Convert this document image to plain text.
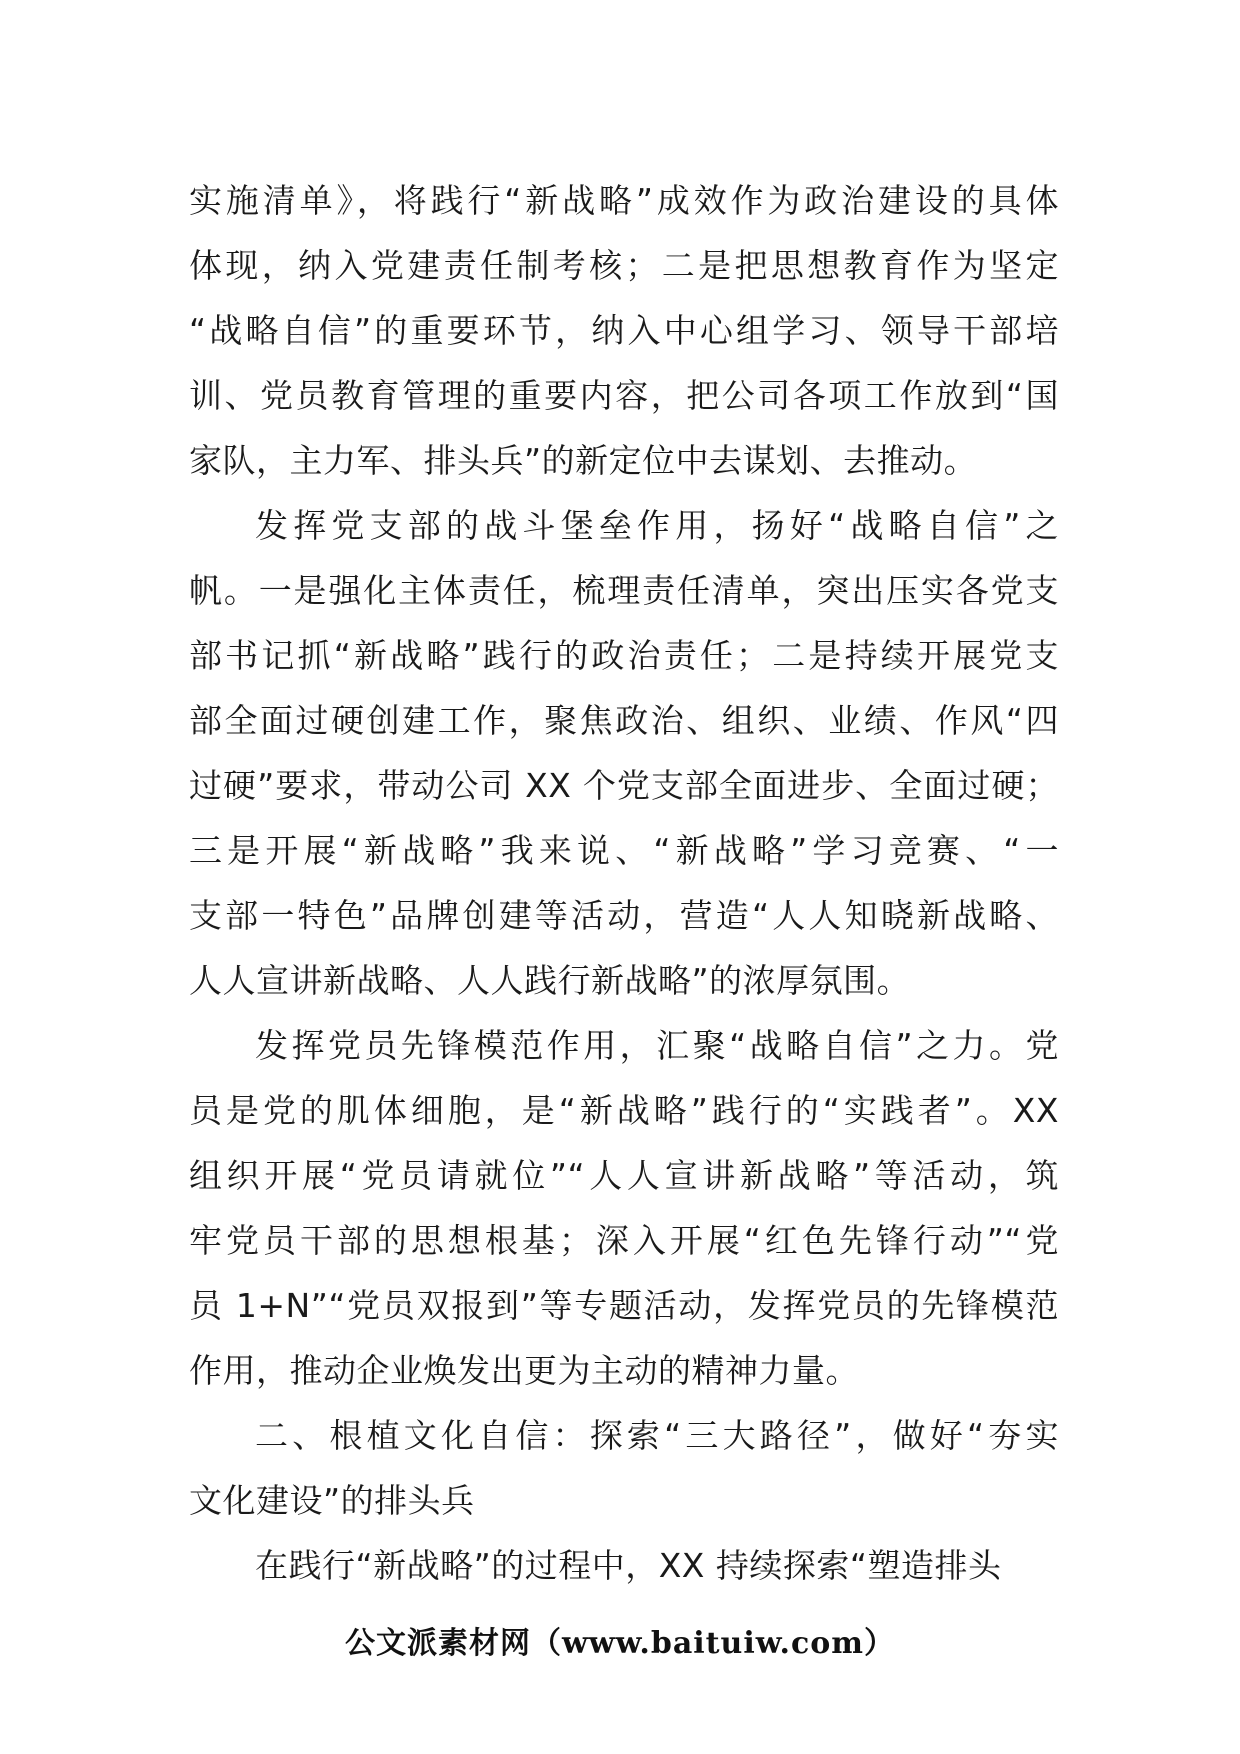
实施清单》，将践行“新战略”成效作为政治建设的具体
体现，纳入党建责任制考核；二是把思想教育作为坚定
“战略自信”的重要环节，纳入中心组学习、领导干部培
训、党员教育管理的重要内容，把公司各项工作放到“国
家队，主力军、排头兵”的新定位中去谋划、去推动。
发挥党支部的战斗堡垒作用，扬好“战略自信”之
帆。一是强化主体责任，梳理责任清单，突出压实各党支
部书记抓“新战略”践行的政治责任；二是持续开展党支
部全面过硬创建工作，聚焦政治、组织、业绩、作风“四
过硬”要求，带动公司 XX 个党支部全面进步、全面过硬；
三是开展“新战略”我来说、“新战略”学习竞赛、“一
支部一特色”品牌创建等活动，营造“人人知晓新战略、
人人宣讲新战略、人人践行新战略”的浓厚氛围。
发挥党员先锋模范作用，汇聚“战略自信”之力。党
员是党的肌体细胞，是“新战略”践行的“实践者”。XX
组织开展“党员请就位”“人人宣讲新战略”等活动，筑
牢党员干部的思想根基；深入开展“红色先锋行动”“党
员 1+N”“党员双报到”等专题活动，发挥党员的先锋模范
作用，推动企业焕发出更为主动的精神力量。
二、根植文化自信：探索“三大路径”，做好“夯实
文化建设”的排头兵
在践行“新战略”的过程中，XX 持续探索“塑造排头
公文派素材网（www.baituiw.com）
